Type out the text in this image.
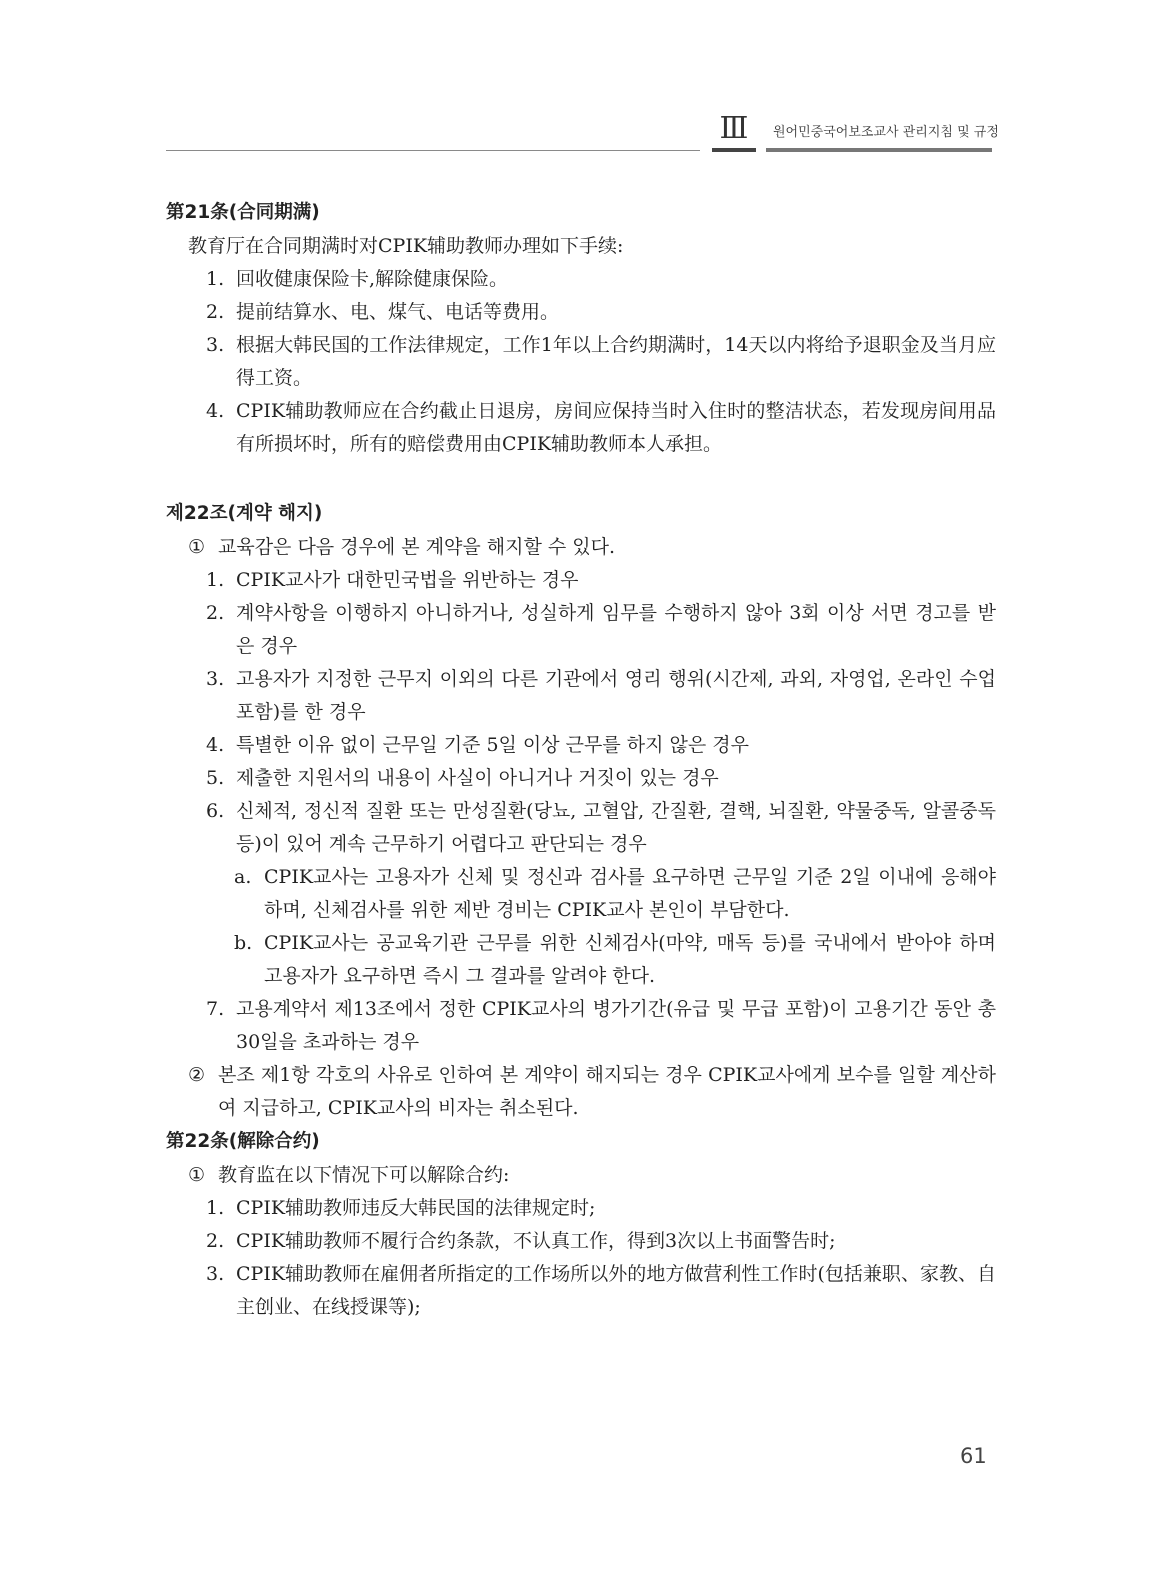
Ⅲ	원어민중국어보조교사 관리지침 및 규정
第21条(合同期满)
教育厅在合同期满时对CPIK辅助教师办理如下手续:
1. 回收健康保险卡,解除健康保险。
2. 提前结算水、电、煤气、电话等费用。
3. 根据大韩民国的工作法律规定，工作1年以上合约期满时，14天以内将给予退职金及当月应得工资。
4. CPIK辅助教师应在合约截止日退房，房间应保持当时入住时的整洁状态，若发现房间用品有所损坏时，所有的赔偿费用由CPIK辅助教师本人承担。
제22조(계약 해지)
① 교육감은 다음 경우에 본 계약을 해지할 수 있다.
1. CPIK교사가 대한민국법을 위반하는 경우
2. 계약사항을 이행하지 아니하거나, 성실하게 임무를 수행하지 않아 3회 이상 서면 경고를 받은 경우
3. 고용자가 지정한 근무지 이외의 다른 기관에서 영리 행위(시간제, 과외, 자영업, 온라인 수업 포함)를 한 경우
4. 특별한 이유 없이 근무일 기준 5일 이상 근무를 하지 않은 경우
5. 제출한 지원서의 내용이 사실이 아니거나 거짓이 있는 경우
6. 신체적, 정신적 질환 또는 만성질환(당뇨, 고혈압, 간질환, 결핵, 뇌질환, 약물중독, 알콜중독 등)이 있어 계속 근무하기 어렵다고 판단되는 경우
a. CPIK교사는 고용자가 신체 및 정신과 검사를 요구하면 근무일 기준 2일 이내에 응해야 하며, 신체검사를 위한 제반 경비는 CPIK교사 본인이 부담한다.
b. CPIK교사는 공교육기관 근무를 위한 신체검사(마약, 매독 등)를 국내에서 받아야 하며 고용자가 요구하면 즉시 그 결과를 알려야 한다.
7. 고용계약서 제13조에서 정한 CPIK교사의 병가기간(유급 및 무급 포함)이 고용기간 동안 총 30일을 초과하는 경우
② 본조 제1항 각호의 사유로 인하여 본 계약이 해지되는 경우 CPIK교사에게 보수를 일할 계산하여 지급하고, CPIK교사의 비자는 취소된다.
第22条(解除合约)
① 教育监在以下情况下可以解除合约:
1. CPIK辅助教师违反大韩民国的法律规定时;
2. CPIK辅助教师不履行合约条款，不认真工作，得到3次以上书面警告时;
3. CPIK辅助教师在雇佣者所指定的工作场所以外的地方做营利性工作时(包括兼职、家教、自主创业、在线授课等);
61
